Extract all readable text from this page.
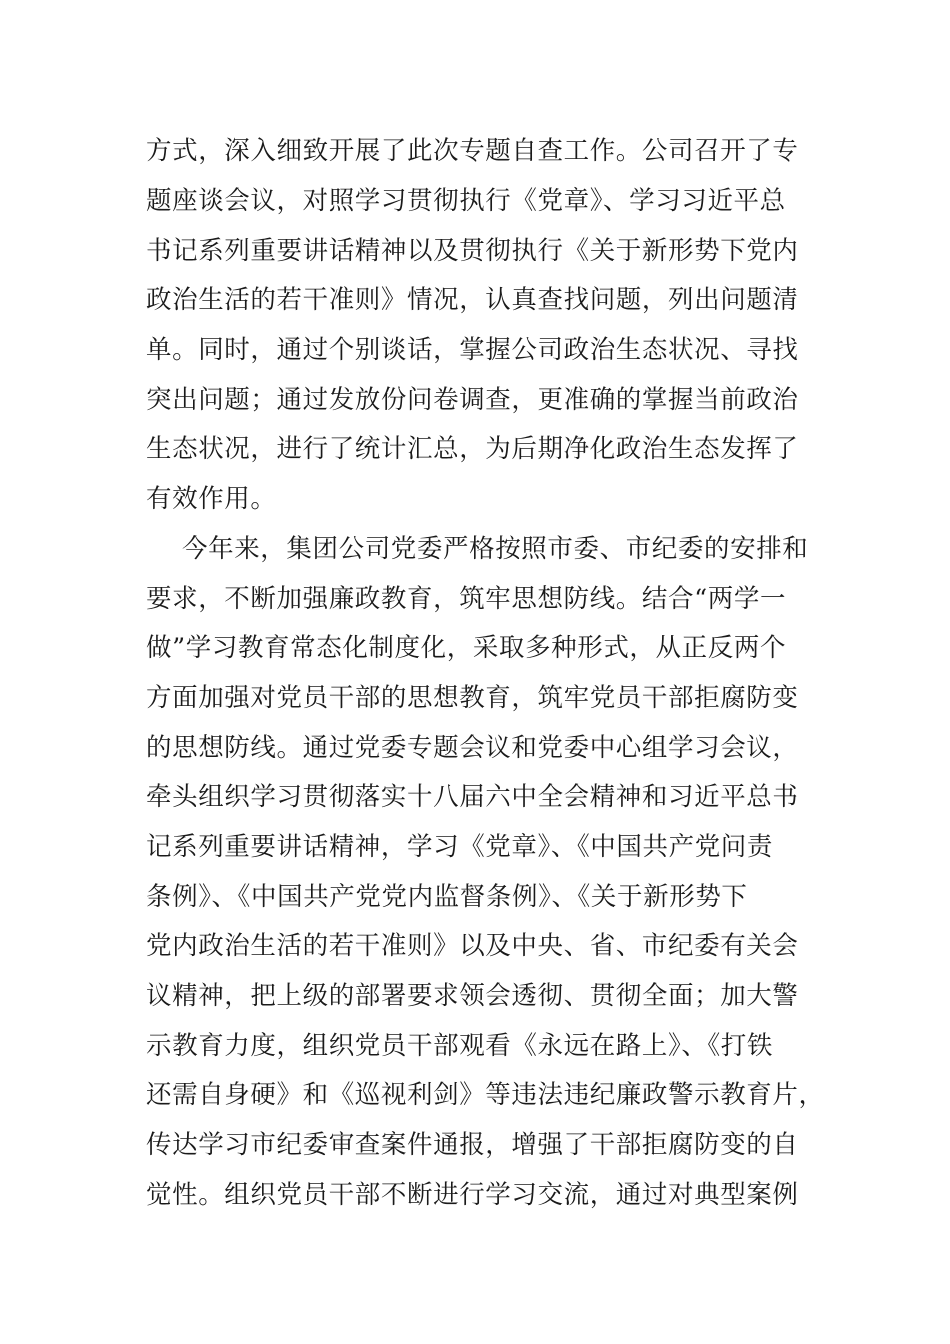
方式，深入细致开展了此次专题自查工作。公司召开了专
题座谈会议，对照学习贯彻执行《党章》、学习习近平总
书记系列重要讲话精神以及贯彻执行《关于新形势下党内
政治生活的若干准则》情况，认真查找问题，列出问题清
单。同时，通过个别谈话，掌握公司政治生态状况、寻找
突出问题；通过发放份问卷调查，更准确的掌握当前政治
生态状况，进行了统计汇总，为后期净化政治生态发挥了
有效作用。
今年来，集团公司党委严格按照市委、市纪委的安排和
要求，不断加强廉政教育，筑牢思想防线。结合“两学一
做”学习教育常态化制度化，采取多种形式，从正反两个
方面加强对党员干部的思想教育，筑牢党员干部拒腐防变
的思想防线。通过党委专题会议和党委中心组学习会议，
牵头组织学习贯彻落实十八届六中全会精神和习近平总书
记系列重要讲话精神，学习《党章》、《中国共产党问责
条例》、《中国共产党党内监督条例》、《关于新形势下
党内政治生活的若干准则》以及中央、省、市纪委有关会
议精神，把上级的部署要求领会透彻、贯彻全面；加大警
示教育力度，组织党员干部观看《永远在路上》、《打铁
还需自身硬》和《巡视利剑》等违法违纪廉政警示教育片，
传达学习市纪委审查案件通报，增强了干部拒腐防变的自
觉性。组织党员干部不断进行学习交流，通过对典型案例
